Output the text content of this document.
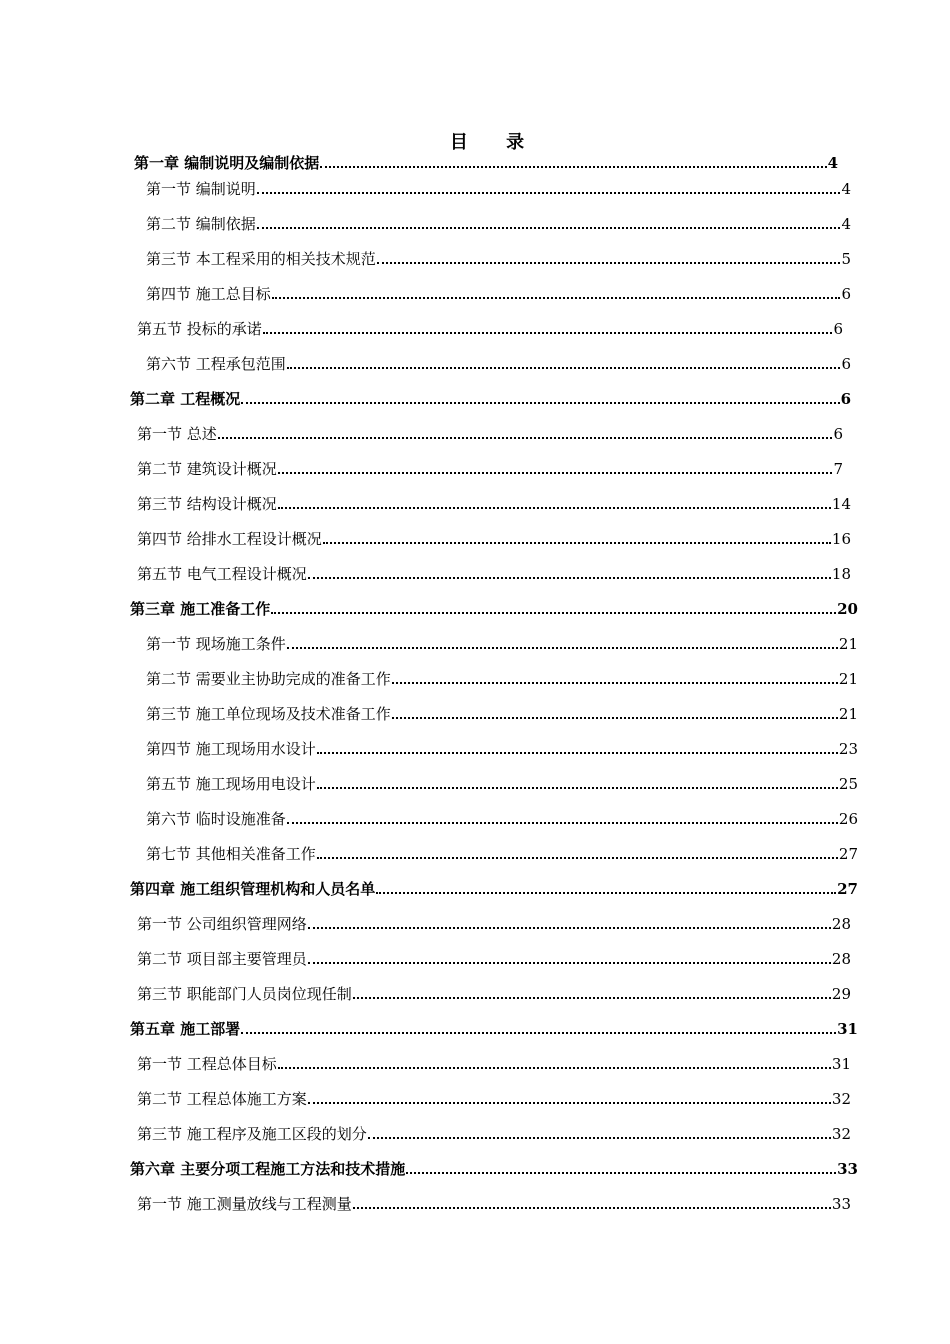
目 录
第一章 编制说明及编制依据	4
第一节 编制说明	4
第二节 编制依据	4
第三节 本工程采用的相关技术规范	5
第四节 施工总目标	6
第五节 投标的承诺	6
第六节 工程承包范围	6
第二章 工程概况	6
第一节 总述	6
第二节 建筑设计概况	7
第三节 结构设计概况	14
第四节 给排水工程设计概况	16
第五节 电气工程设计概况	18
第三章 施工准备工作	20
第一节 现场施工条件	21
第二节 需要业主协助完成的准备工作	21
第三节 施工单位现场及技术准备工作	21
第四节 施工现场用水设计	23
第五节 施工现场用电设计	25
第六节 临时设施准备	26
第七节 其他相关准备工作	27
第四章 施工组织管理机构和人员名单	27
第一节 公司组织管理网络	28
第二节 项目部主要管理员	28
第三节 职能部门人员岗位现任制	29
第五章 施工部署	31
第一节 工程总体目标	31
第二节 工程总体施工方案	32
第三节 施工程序及施工区段的划分	32
第六章 主要分项工程施工方法和技术措施	33
第一节 施工测量放线与工程测量	33
